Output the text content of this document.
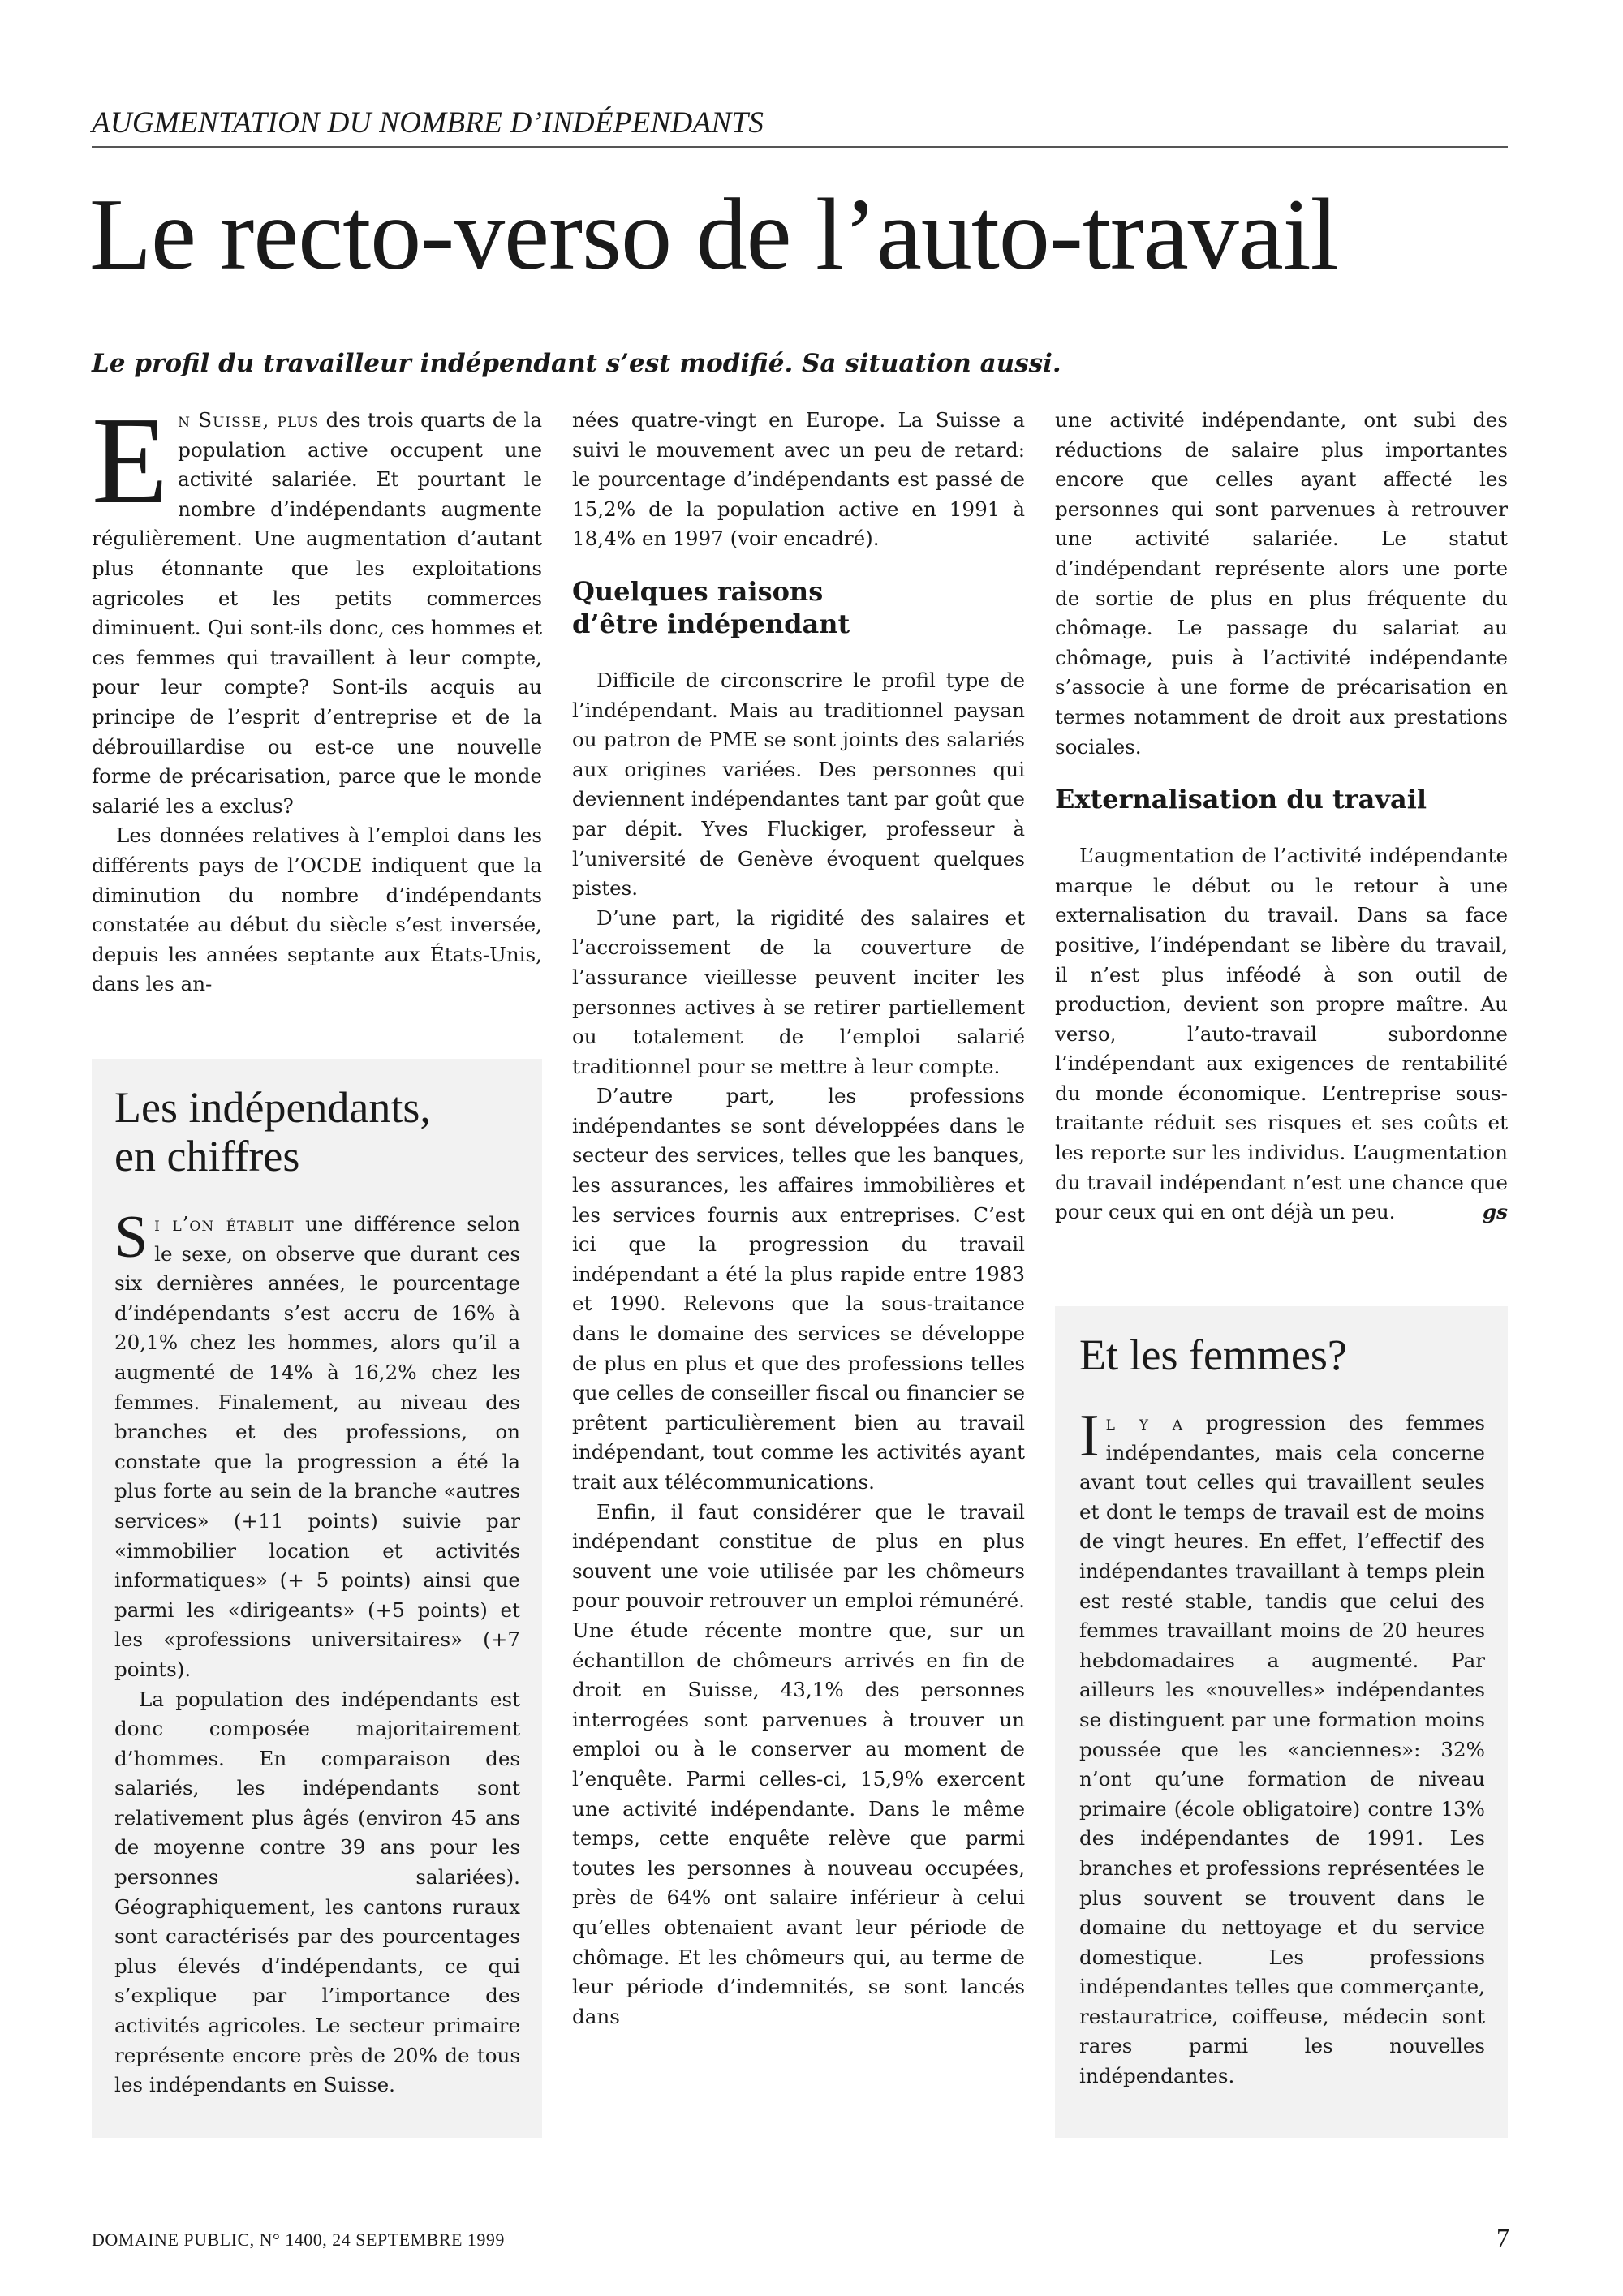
AUGMENTATION DU NOMBRE D’INDÉPENDANTS
Le recto-verso de l’auto-travail

Le profil du travailleur indépendant s’est modifié. Sa situation aussi.

En Suisse, plus des trois quarts de la population active occupent une activité salariée. Et pourtant le nombre d’indépendants augmente régulièrement. Une augmentation d’autant plus étonnante que les exploitations agricoles et les petits commerces diminuent. Qui sont-ils donc, ces hommes et ces femmes qui travaillent à leur compte, pour leur compte? Sont-ils acquis au principe de l’esprit d’entreprise et de la débrouillardise ou est-ce une nouvelle forme de précarisation, parce que le monde salarié les a exclus?

Les données relatives à l’emploi dans les différents pays de l’OCDE indiquent que la diminution du nombre d’indépendants constatée au début du siècle s’est inversée, depuis les années septante aux États-Unis, dans les an-

Les indépendants,
en chiffres

Si l’on établit une différence selon le sexe, on observe que durant ces six dernières années, le pourcentage d’indépendants s’est accru de 16% à 20,1% chez les hommes, alors qu’il a augmenté de 14% à 16,2% chez les femmes. Finalement, au niveau des branches et des professions, on constate que la progression a été la plus forte au sein de la branche «autres services» (+11 points) suivie par «immobilier location et activités informatiques» (+ 5 points) ainsi que parmi les «dirigeants» (+5 points) et les «professions universitaires» (+7 points).

La population des indépendants est donc composée majoritairement d’hommes. En comparaison des salariés, les indépendants sont relativement plus âgés (environ 45 ans de moyenne contre 39 ans pour les personnes salariées). Géographiquement, les cantons ruraux sont caractérisés par des pourcentages plus élevés d’indépendants, ce qui s’explique par l’importance des activités agricoles. Le secteur primaire représente encore près de 20% de tous les indépendants en Suisse.

nées quatre-vingt en Europe. La Suisse a suivi le mouvement avec un peu de retard: le pourcentage d’indépendants est passé de 15,2% de la population active en 1991 à 18,4% en 1997 (voir encadré).

Quelques raisons
d’être indépendant

Difficile de circonscrire le profil type de l’indépendant. Mais au traditionnel paysan ou patron de PME se sont joints des salariés aux origines variées. Des personnes qui deviennent indépendantes tant par goût que par dépit. Yves Fluckiger, professeur à l’université de Genève évoquent quelques pistes.

D’une part, la rigidité des salaires et l’accroissement de la couverture de l’assurance vieillesse peuvent inciter les personnes actives à se retirer partiellement ou totalement de l’emploi salarié traditionnel pour se mettre à leur compte.

D’autre part, les professions indépendantes se sont développées dans le secteur des services, telles que les banques, les assurances, les affaires immobilières et les services fournis aux entreprises. C’est ici que la progression du travail indépendant a été la plus rapide entre 1983 et 1990. Relevons que la sous-traitance dans le domaine des services se développe de plus en plus et que des professions telles que celles de conseiller fiscal ou financier se prêtent particulièrement bien au travail indépendant, tout comme les activités ayant trait aux télécommunications.

Enfin, il faut considérer que le travail indépendant constitue de plus en plus souvent une voie utilisée par les chômeurs pour pouvoir retrouver un emploi rémunéré. Une étude récente montre que, sur un échantillon de chômeurs arrivés en fin de droit en Suisse, 43,1% des personnes interrogées sont parvenues à trouver un emploi ou à le conserver au moment de l’enquête. Parmi celles-ci, 15,9% exercent une activité indépendante. Dans le même temps, cette enquête relève que parmi toutes les personnes à nouveau occupées, près de 64% ont salaire inférieur à celui qu’elles obtenaient avant leur période de chômage. Et les chômeurs qui, au terme de leur période d’indemnités, se sont lancés dans

une activité indépendante, ont subi des réductions de salaire plus importantes encore que celles ayant affecté les personnes qui sont parvenues à retrouver une activité salariée. Le statut d’indépendant représente alors une porte de sortie de plus en plus fréquente du chômage. Le passage du salariat au chômage, puis à l’activité indépendante s’associe à une forme de précarisation en termes notamment de droit aux prestations sociales.

Externalisation du travail

L’augmentation de l’activité indépendante marque le début ou le retour à une externalisation du travail. Dans sa face positive, l’indépendant se libère du travail, il n’est plus inféodé à son outil de production, devient son propre maître. Au verso, l’auto-travail subordonne l’indépendant aux exigences de rentabilité du monde économique. L’entreprise sous-traitante réduit ses risques et ses coûts et les reporte sur les individus. L’augmentation du travail indépendant n’est une chance que pour ceux qui en ont déjà un peu.	gs

Et les femmes?

Il y a progression des femmes indépendantes, mais cela concerne avant tout celles qui travaillent seules et dont le temps de travail est de moins de vingt heures. En effet, l’effectif des indépendantes travaillant à temps plein est resté stable, tandis que celui des femmes travaillant moins de 20 heures hebdomadaires a augmenté. Par ailleurs les «nouvelles» indépendantes se distinguent par une formation moins poussée que les «anciennes»: 32% n’ont qu’une formation de niveau primaire (école obligatoire) contre 13% des indépendantes de 1991. Les branches et professions représentées le plus souvent se trouvent dans le domaine du nettoyage et du service domestique. Les professions indépendantes telles que commerçante, restauratrice, coiffeuse, médecin sont rares parmi les nouvelles indépendantes.

DOMAINE PUBLIC, N° 1400, 24 SEPTEMBRE 1999	7
